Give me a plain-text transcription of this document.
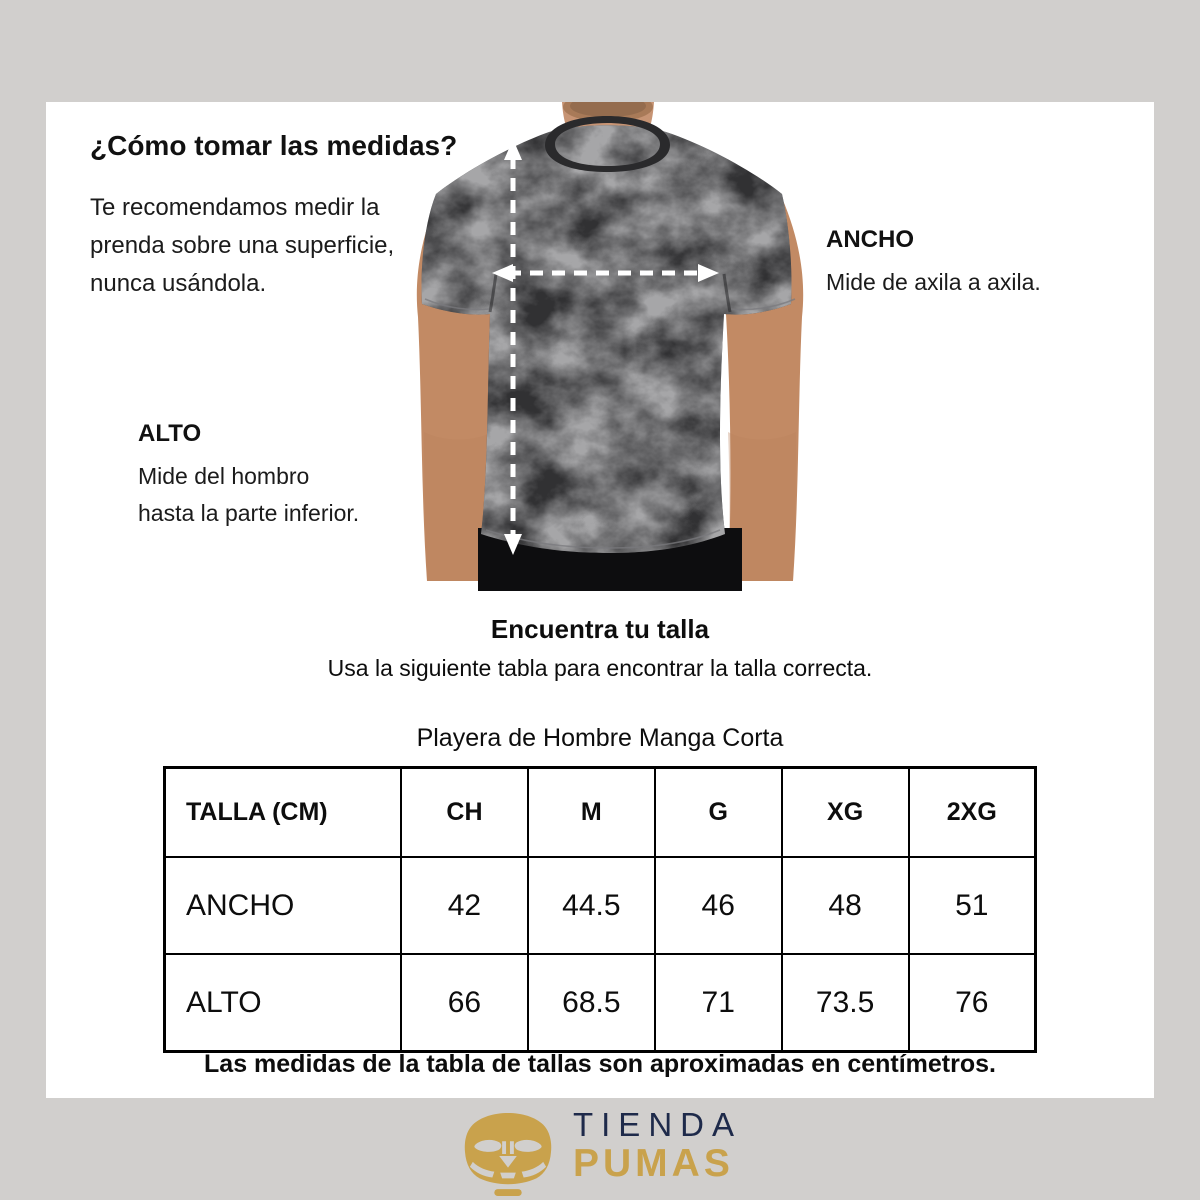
¿Cómo tomar las medidas?
Te recomendamos medir la
prenda sobre una superficie,
nunca usándola.
ANCHO
Mide de axila a axila.
ALTO
Mide del hombro
hasta la parte inferior.
Encuentra tu talla
Usa la siguiente tabla para encontrar la talla correcta.
Playera de Hombre Manga Corta
TALLA (CM)	CH	M	G	XG	2XG
ANCHO	42	44.5	46	48	51
ALTO	66	68.5	71	73.5	76
Las medidas de la tabla de tallas son aproximadas en centímetros.
TIENDA
PUMAS
